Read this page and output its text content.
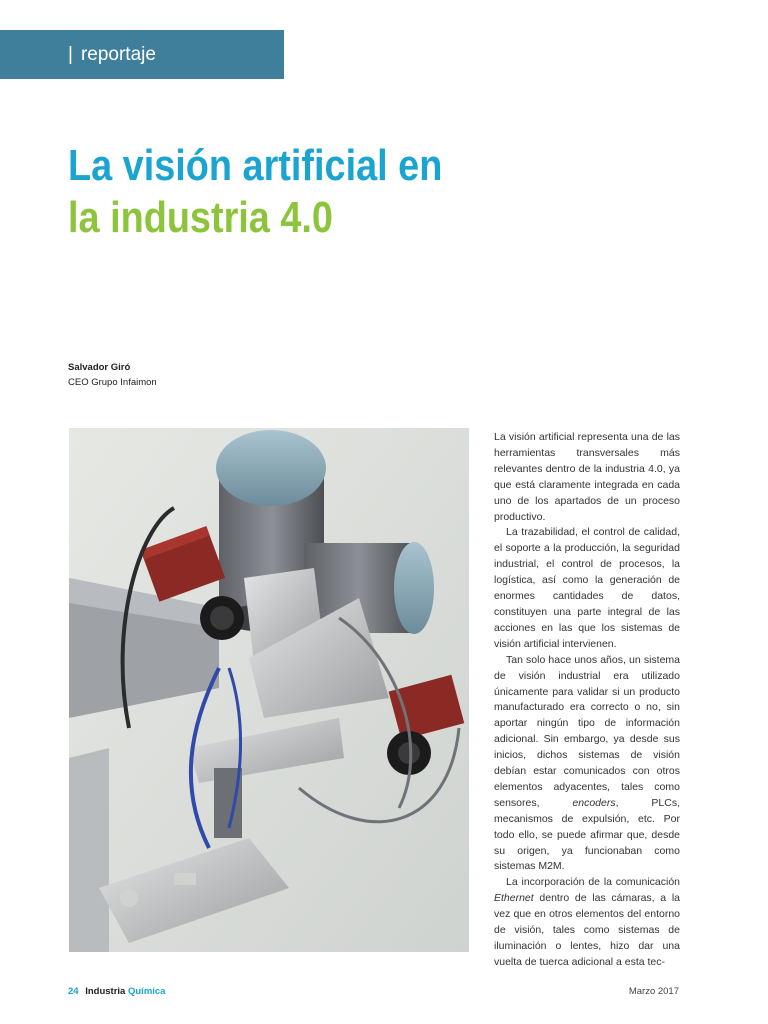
| reportaje
La visión artificial en
la industria 4.0
Salvador Giró
CEO Grupo Infaimon

La visión artificial representa una de las herramientas transversales más relevantes dentro de la industria 4.0, ya que está claramente integrada en cada uno de los apartados de un proceso productivo.

La trazabilidad, el control de calidad, el soporte a la producción, la seguridad industrial, el control de procesos, la logística, así como la generación de enormes cantidades de datos, constituyen una parte integral de las acciones en las que los sistemas de visión artificial intervienen.

Tan solo hace unos años, un sistema de visión industrial era utilizado únicamente para validar si un producto manufacturado era correcto o no, sin aportar ningún tipo de información adicional. Sin embargo, ya desde sus inicios, dichos sistemas de visión debían estar comunicados con otros elementos adyacentes, tales como sensores, encoders, PLCs, mecanismos de expulsión, etc. Por todo ello, se puede afirmar que, desde su origen, ya funcionaban como sistemas M2M.

La incorporación de la comunicación Ethernet dentro de las cámaras, a la vez que en otros elementos del entorno de visión, tales como sistemas de iluminación o lentes, hizo dar una vuelta de tuerca adicional a esta tec-

24 Industria Química	Marzo 2017
